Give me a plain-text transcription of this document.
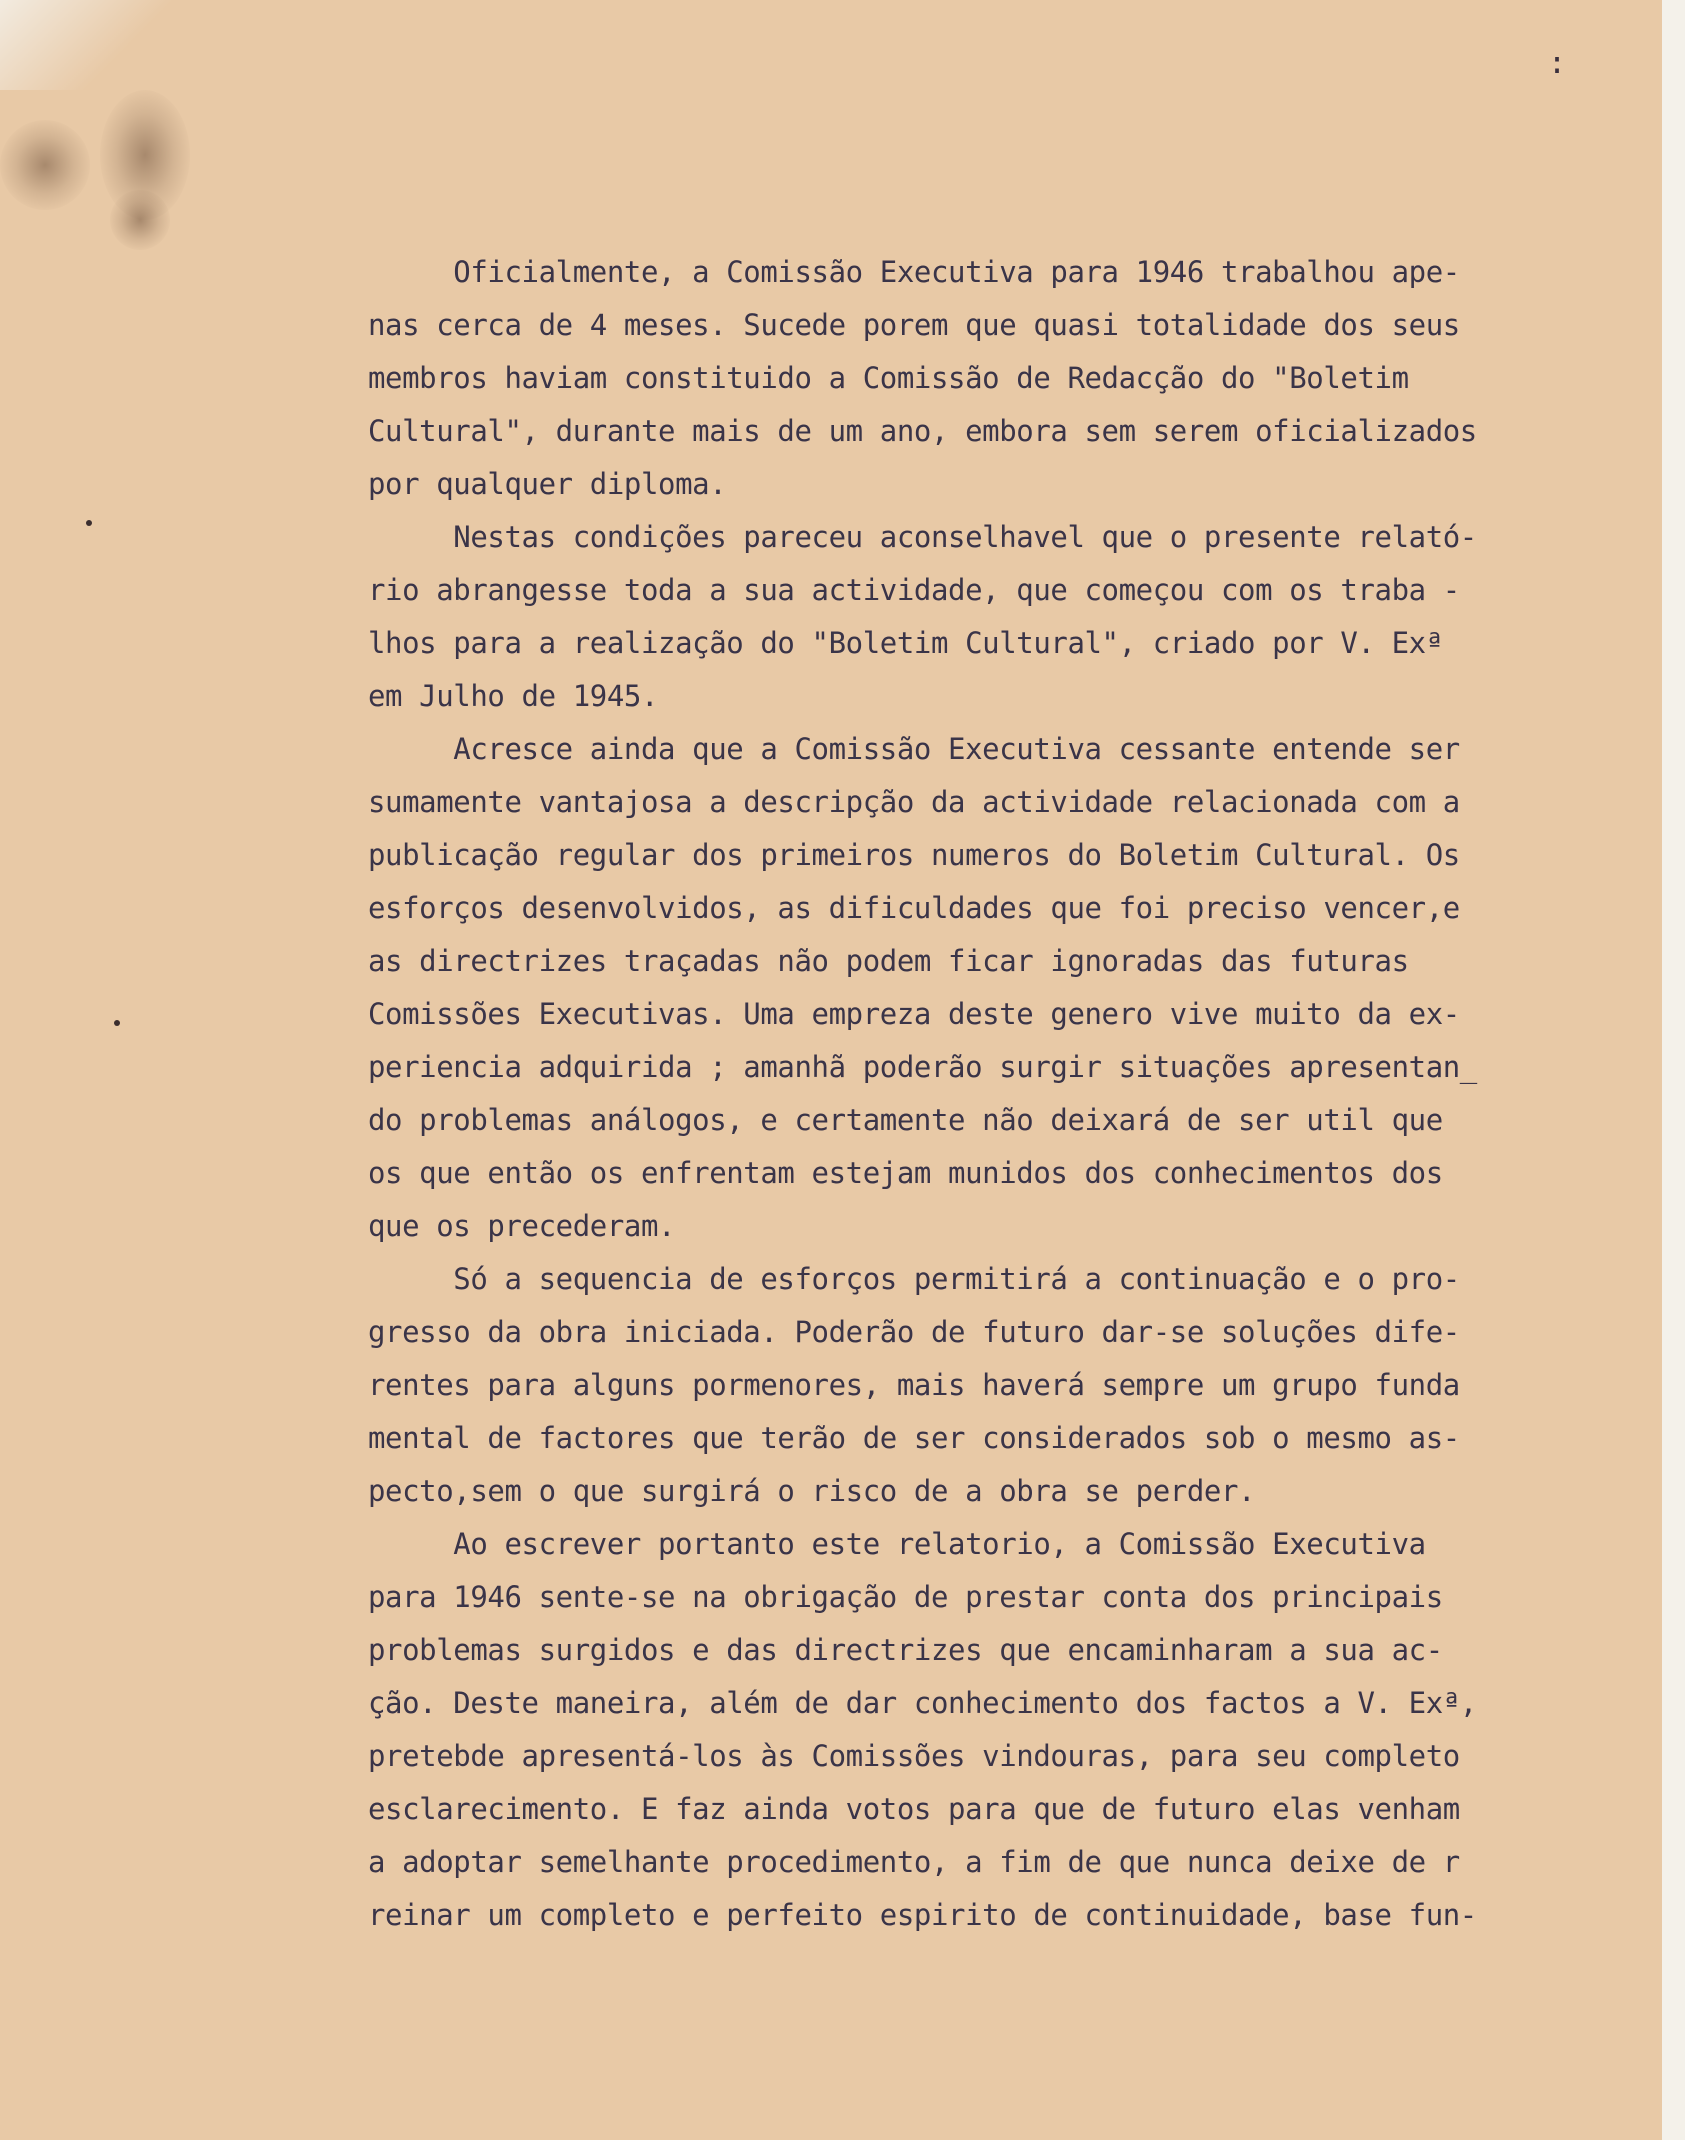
:
Oficialmente, a Comissão Executiva para 1946 trabalhou ape-
nas cerca de 4 meses. Sucede porem que quasi totalidade dos seus
membros haviam constituido a Comissão de Redacção do "Boletim
Cultural", durante mais de um ano, embora sem serem oficializados
por qualquer diploma.
Nestas condições pareceu aconselhavel que o presente relató-
rio abrangesse toda a sua actividade, que começou com os traba -
lhos para a realização do "Boletim Cultural", criado por V. Exª
em Julho de 1945.
Acresce ainda que a Comissão Executiva cessante entende ser
sumamente vantajosa a descripção da actividade relacionada com a
publicação regular dos primeiros numeros do Boletim Cultural. Os
esforços desenvolvidos, as dificuldades que foi preciso vencer,e
as directrizes traçadas não podem ficar ignoradas das futuras
Comissões Executivas. Uma empreza deste genero vive muito da ex-
periencia adquirida ; amanhã poderão surgir situações apresentan_
do problemas análogos, e certamente não deixará de ser util que
os que então os enfrentam estejam munidos dos conhecimentos dos
que os precederam.
Só a sequencia de esforços permitirá a continuação e o pro-
gresso da obra iniciada. Poderão de futuro dar-se soluções dife-
rentes para alguns pormenores, mais haverá sempre um grupo funda
mental de factores que terão de ser considerados sob o mesmo as-
pecto,sem o que surgirá o risco de a obra se perder.
Ao escrever portanto este relatorio, a Comissão Executiva
para 1946 sente-se na obrigação de prestar conta dos principais
problemas surgidos e das directrizes que encaminharam a sua ac-
ção. Deste maneira, além de dar conhecimento dos factos a V. Exª,
pretebde apresentá-los às Comissões vindouras, para seu completo
esclarecimento. E faz ainda votos para que de futuro elas venham
a adoptar semelhante procedimento, a fim de que nunca deixe de r
reinar um completo e perfeito espirito de continuidade, base fun-
